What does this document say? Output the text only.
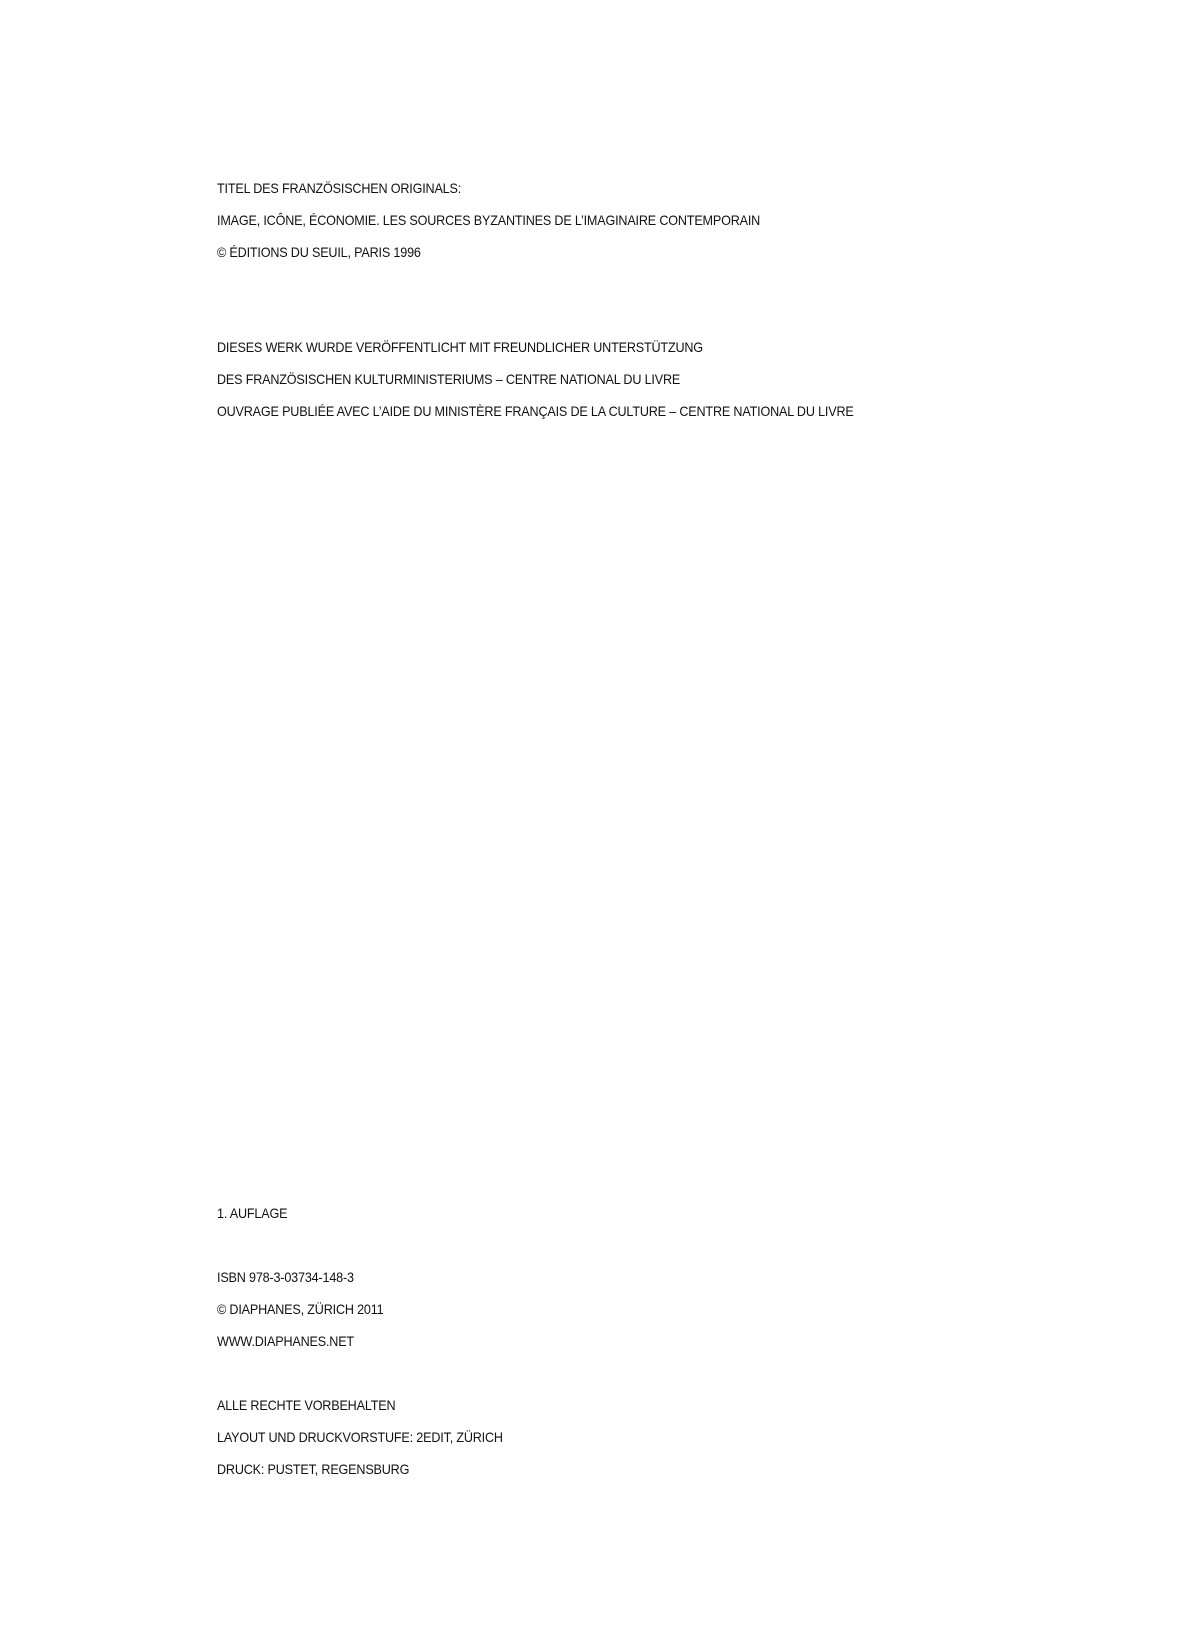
TITEL DES FRANZÖSISCHEN ORIGINALS:
IMAGE, ICÔNE, ÉCONOMIE. LES SOURCES BYZANTINES DE L’IMAGINAIRE CONTEMPORAIN
© ÉDITIONS DU SEUIL, PARIS 1996
DIESES WERK WURDE VERÖFFENTLICHT MIT FREUNDLICHER UNTERSTÜTZUNG
DES FRANZÖSISCHEN KULTURMINISTERIUMS – CENTRE NATIONAL DU LIVRE
OUVRAGE PUBLIÉE AVEC L’AIDE DU MINISTÈRE FRANÇAIS DE LA CULTURE – CENTRE NATIONAL DU LIVRE
1. AUFLAGE
ISBN 978-3-03734-148-3
© DIAPHANES, ZÜRICH 2011
WWW.DIAPHANES.NET
ALLE RECHTE VORBEHALTEN
LAYOUT UND DRUCKVORSTUFE: 2EDIT, ZÜRICH
DRUCK: PUSTET, REGENSBURG
